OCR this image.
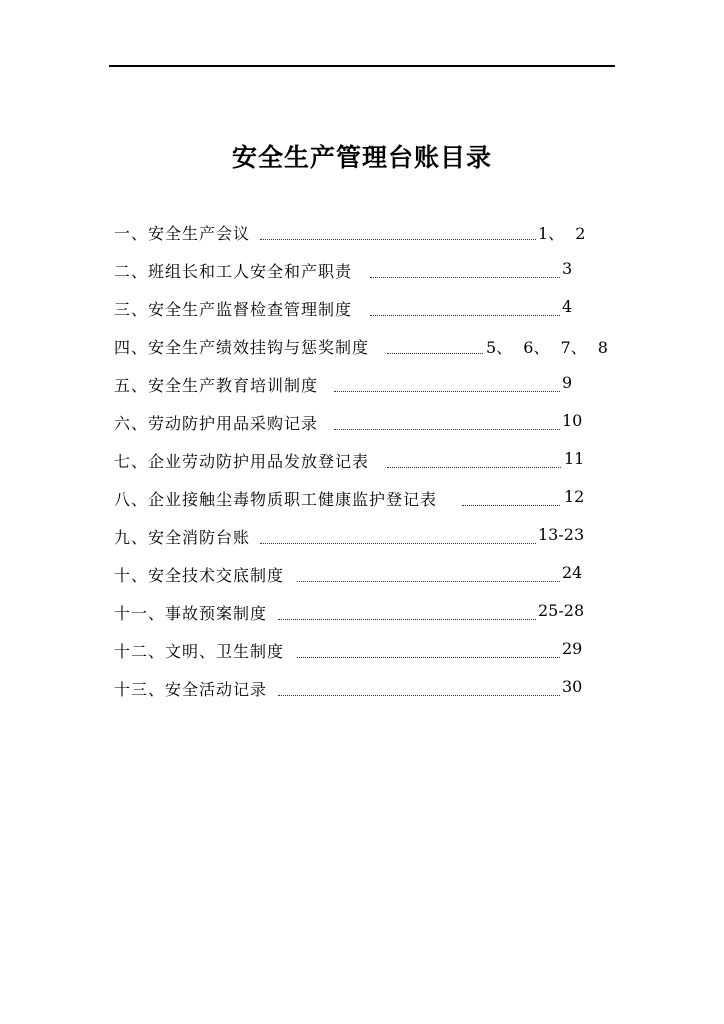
安全生产管理台账目录
一、安全生产会议	1、 2
二、班组长和工人安全和产职责	3
三、安全生产监督检查管理制度	4
四、安全生产绩效挂钩与惩奖制度	5、 6、 7、 8
五、安全生产教育培训制度	9
六、劳动防护用品采购记录	10
七、企业劳动防护用品发放登记表	11
八、企业接触尘毒物质职工健康监护登记表	12
九、安全消防台账	13-23
十、安全技术交底制度	24
十一、事故预案制度	25-28
十二、文明、卫生制度	29
十三、安全活动记录	30
